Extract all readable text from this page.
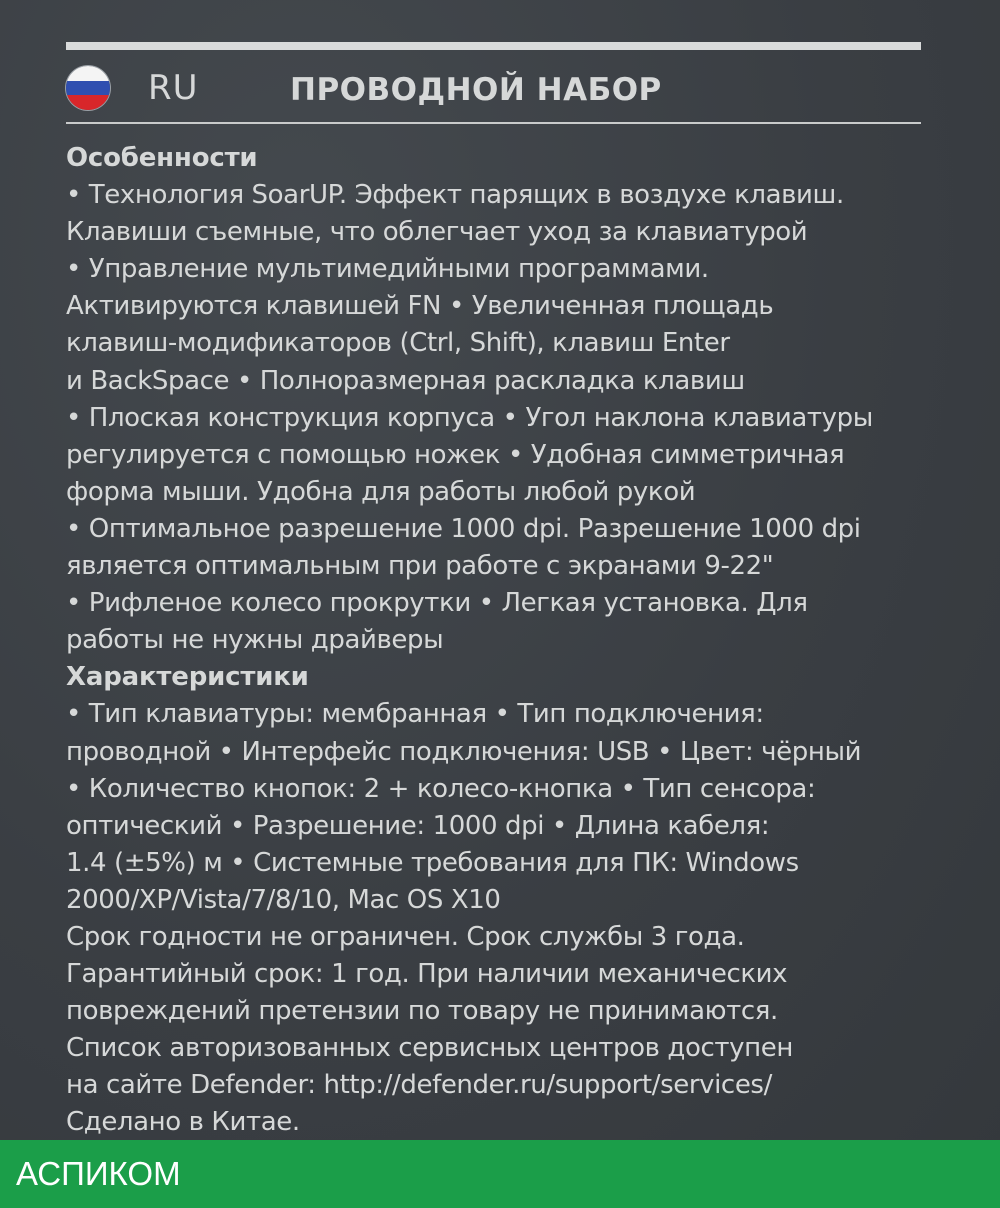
RU	ПРОВОДНОЙ НАБОР
Особенности
• Технология SoarUP. Эффект парящих в воздухе клавиш.
Клавиши съемные, что облегчает уход за клавиатурой
• Управление мультимедийными программами.
Активируются клавишей FN • Увеличенная площадь
клавиш-модификаторов (Ctrl, Shift), клавиш Enter
и BackSpace • Полноразмерная раскладка клавиш
• Плоская конструкция корпуса • Угол наклона клавиатуры
регулируется с помощью ножек • Удобная симметричная
форма мыши. Удобна для работы любой рукой
• Оптимальное разрешение 1000 dpi. Разрешение 1000 dpi
является оптимальным при работе с экранами 9-22"
• Рифленое колесо прокрутки • Легкая установка. Для
работы не нужны драйверы
Характеристики
• Тип клавиатуры: мембранная • Тип подключения:
проводной • Интерфейс подключения: USB • Цвет: чёрный
• Количество кнопок: 2 + колесо-кнопка • Тип сенсора:
оптический • Разрешение: 1000 dpi • Длина кабеля:
1.4 (±5%) м • Системные требования для ПК: Windows
2000/XP/Vista/7/8/10, Mac OS X10
Срок годности не ограничен. Срок службы 3 года.
Гарантийный срок: 1 год. При наличии механических
повреждений претензии по товару не принимаются.
Список авторизованных сервисных центров доступен
на сайте Defender: http://defender.ru/support/services/
Сделано в Китае.
АСПИКОМ
